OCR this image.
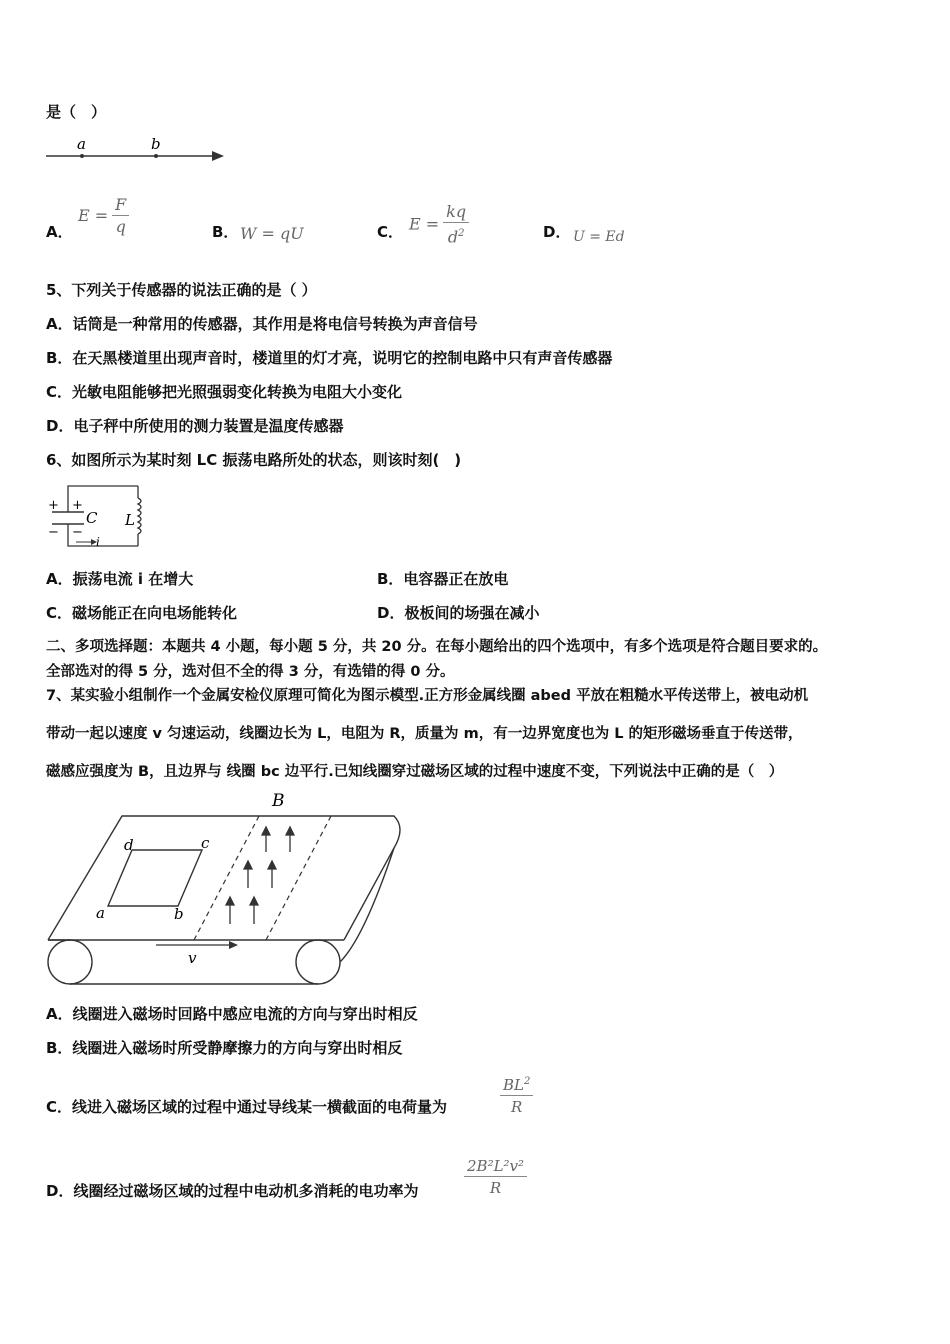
是（　）
a	b
A．
$E = \frac{F}{q}$	B． W = qU	C． $E = \frac{kq}{d^2}$	D． U = Ed
5、下列关于传感器的说法正确的是（ ）
A．话筒是一种常用的传感器，其作用是将电信号转换为声音信号
B．在天黑楼道里出现声音时，楼道里的灯才亮，说明它的控制电路中只有声音传感器
C．光敏电阻能够把光照强弱变化转换为电阻大小变化
D．电子秤中所使用的测力装置是温度传感器
6、如图所示为某时刻 LC 振荡电路所处的状态，则该时刻(　)
+ +
− −
C L
i
A．振荡电流 i 在增大	B．电容器正在放电
C．磁场能正在向电场能转化	D．极板间的场强在减小
二、多项选择题：本题共 4 小题，每小题 5 分，共 20 分。在每小题给出的四个选项中，有多个选项是符合题目要求的。
全部选对的得 5 分，选对但不全的得 3 分，有选错的得 0 分。
7、某实验小组制作一个金属安检仪原理可简化为图示模型.正方形金属线圈 abed 平放在粗糙水平传送带上，被电动机
带动一起以速度 v 匀速运动，线圈边长为 L，电阻为 R，质量为 m，有一边界宽度也为 L 的矩形磁场垂直于传送带，
磁感应强度为 B，且边界与 线圈 bc 边平行.已知线圈穿过磁场区域的过程中速度不变，下列说法中正确的是（　）
B
d	c
a	b
v
A．线圈进入磁场时回路中感应电流的方向与穿出时相反
B．线圈进入磁场时所受静摩擦力的方向与穿出时相反
C．线进入磁场区域的过程中通过导线某一横截面的电荷量为	$\frac{BL^2}{R}$
D．线圈经过磁场区域的过程中电动机多消耗的电功率为	$\frac{\text{2B²L²v²}}{R}$
